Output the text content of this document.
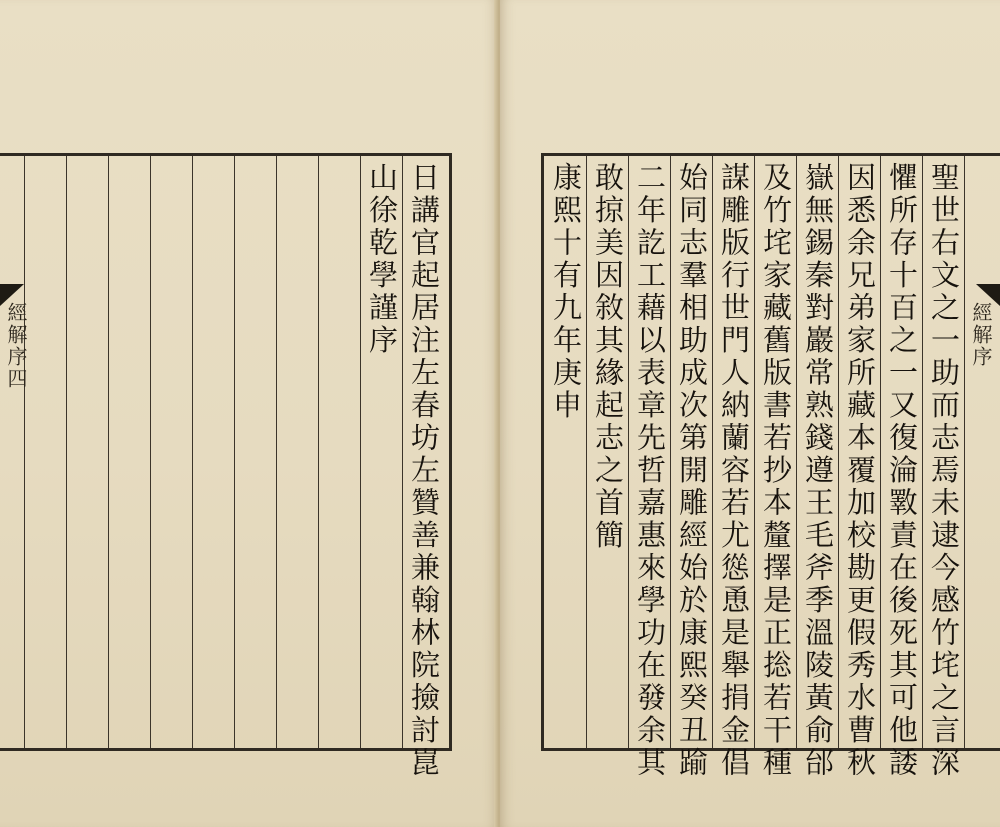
日講官起居注左春坊左贊善兼翰林院撿討崑
山徐乾學謹序
經解序四	聖世右文之一助而志焉未逮今感竹垞之言深
懼所存十百之一又復淪斁責在後死其可他諉
因悉余兄弟家所藏本覆加校勘更假秀水曹秋
嶽無錫秦對巖常熟錢遵王毛斧季溫陵黃俞邰
及竹垞家藏舊版書若抄本釐擇是正捴若干種
謀雕版行世門人納蘭容若尤慫恿是舉捐金倡
始同志羣相助成次第開雕經始於康熙癸丑踰
二年訖工藉以表章先哲嘉惠來學功在發余其
敢掠美因敘其緣起志之首簡
康熙十有九年庚申	經解序
